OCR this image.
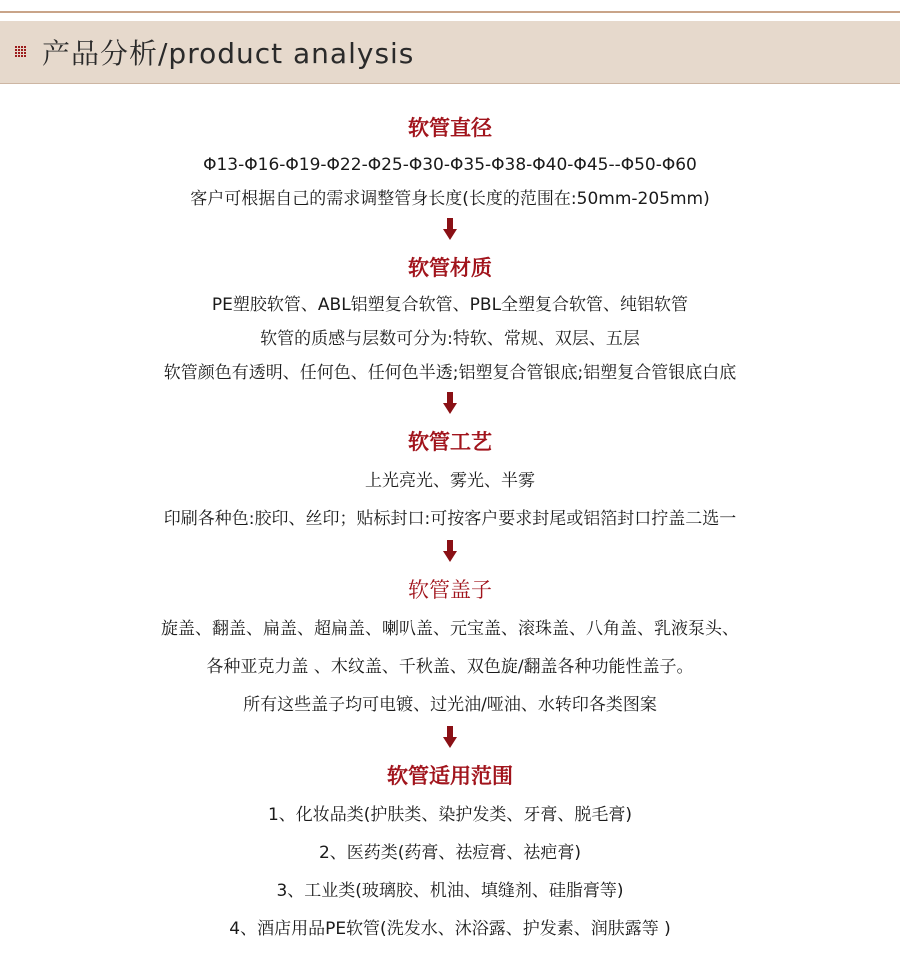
产品分析/product analysis
软管直径
Φ13-Φ16-Φ19-Φ22-Φ25-Φ30-Φ35-Φ38-Φ40-Φ45--Φ50-Φ60
客户可根据自己的需求调整管身长度(长度的范围在:50mm-205mm)
软管材质
PE塑胶软管、ABL铝塑复合软管、PBL全塑复合软管、纯铝软管
软管的质感与层数可分为:特软、常规、双层、五层
软管颜色有透明、任何色、任何色半透;铝塑复合管银底;铝塑复合管银底白底
软管工艺
上光亮光、雾光、半雾
印刷各种色:胶印、丝印；贴标封口:可按客户要求封尾或铝箔封口拧盖二选一
软管盖子
旋盖、翻盖、扁盖、超扁盖、喇叭盖、元宝盖、滚珠盖、八角盖、乳液泵头、
各种亚克力盖 、木纹盖、千秋盖、双色旋/翻盖各种功能性盖子。
所有这些盖子均可电镀、过光油/哑油、水转印各类图案
软管适用范围
1、化妆品类(护肤类、染护发类、牙膏、脱毛膏)
2、医药类(药膏、祛痘膏、祛疤膏)
3、工业类(玻璃胶、机油、填缝剂、硅脂膏等)
4、酒店用品PE软管(洗发水、沐浴露、护发素、润肤露等 )
